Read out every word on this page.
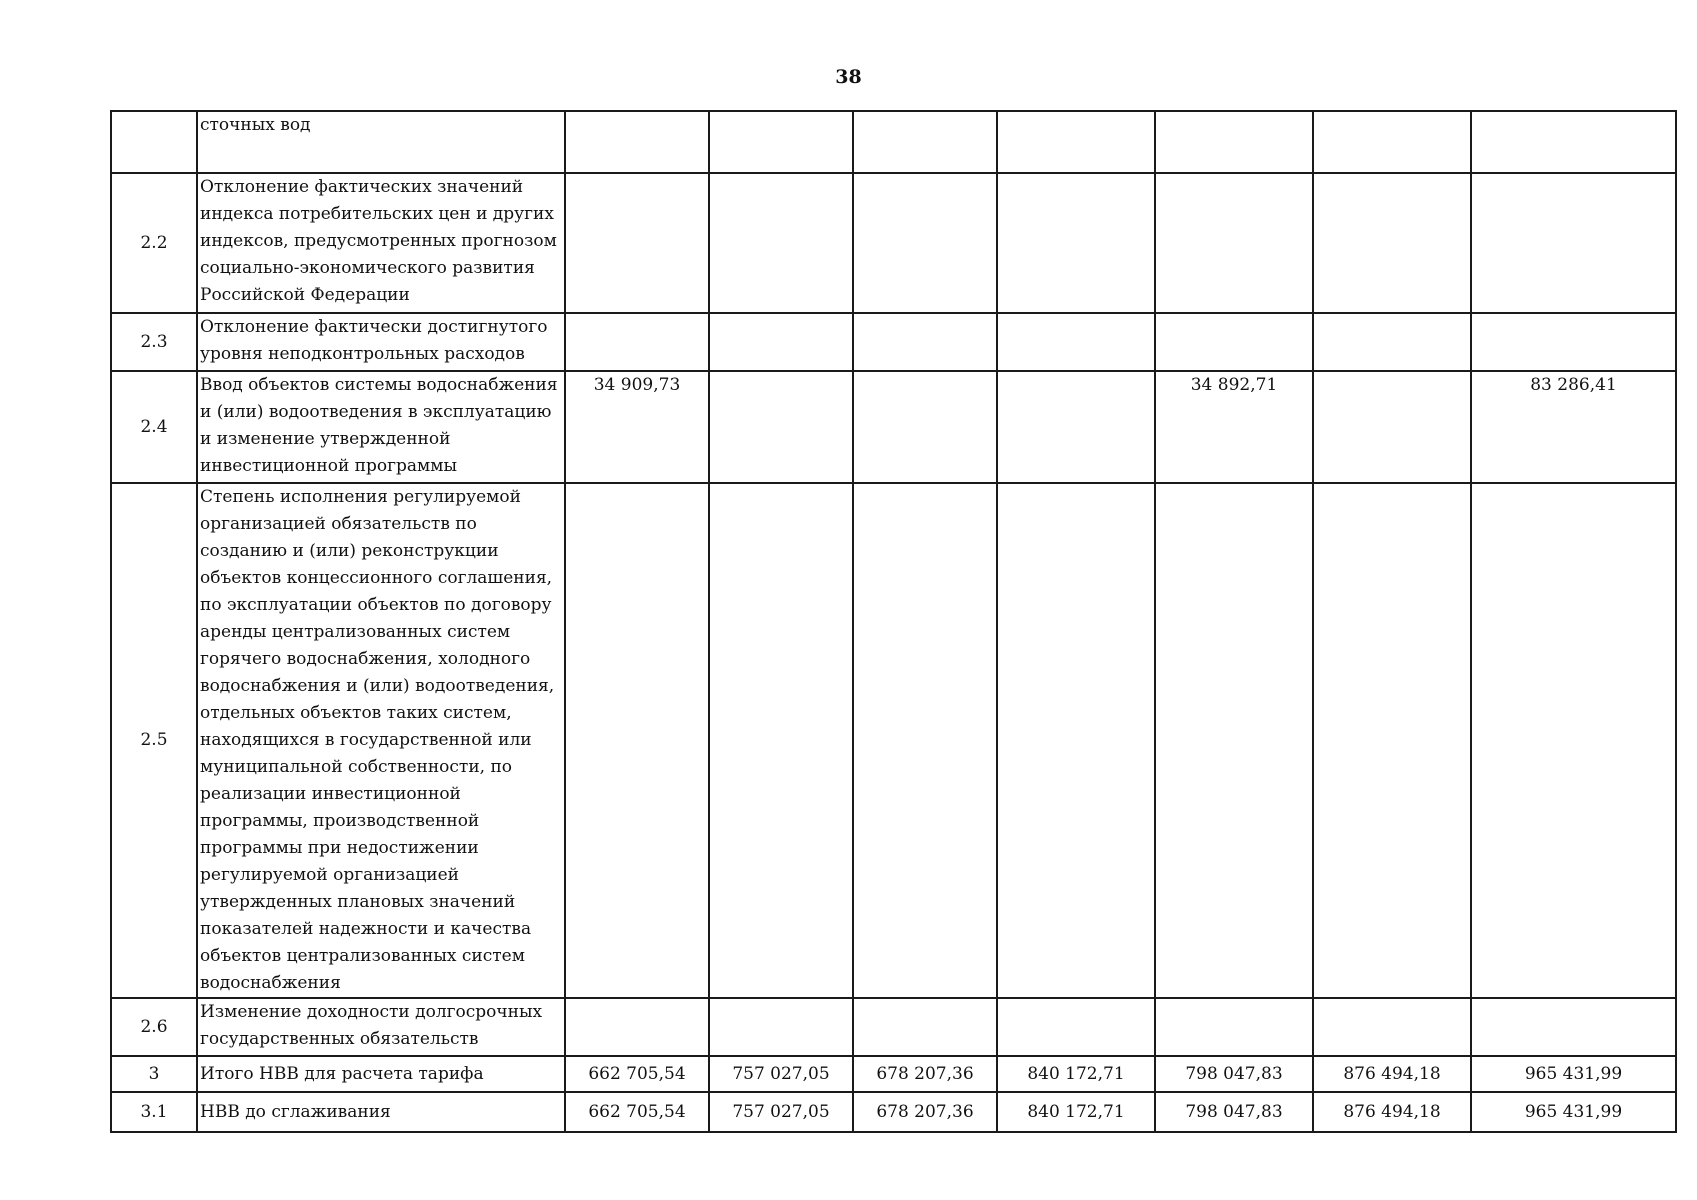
38
	сточных вод							
2.2	Отклонение фактических значений индекса потребительских цен и других индексов, предусмотренных прогнозом социально-экономического развития Российской Федерации							
2.3	Отклонение фактически достигнутого уровня неподконтрольных расходов							
2.4	Ввод объектов системы водоснабжения и (или) водоотведения в эксплуатацию и изменение утвержденной инвестиционной программы	34 909,73				34 892,71		83 286,41
2.5	Степень исполнения регулируемой организацией обязательств по созданию и (или) реконструкции объектов концессионного соглашения, по эксплуатации объектов по договору аренды централизованных систем горячего водоснабжения, холодного водоснабжения и (или) водоотведения, отдельных объектов таких систем, находящихся в государственной или муниципальной собственности, по реализации инвестиционной программы, производственной программы при недостижении регулируемой организацией утвержденных плановых значений показателей надежности и качества объектов централизованных систем водоснабжения							
2.6	Изменение доходности долгосрочных государственных обязательств							
3	Итого НВВ для расчета тарифа	662 705,54	757 027,05	678 207,36	840 172,71	798 047,83	876 494,18	965 431,99
3.1	НВВ до сглаживания	662 705,54	757 027,05	678 207,36	840 172,71	798 047,83	876 494,18	965 431,99
